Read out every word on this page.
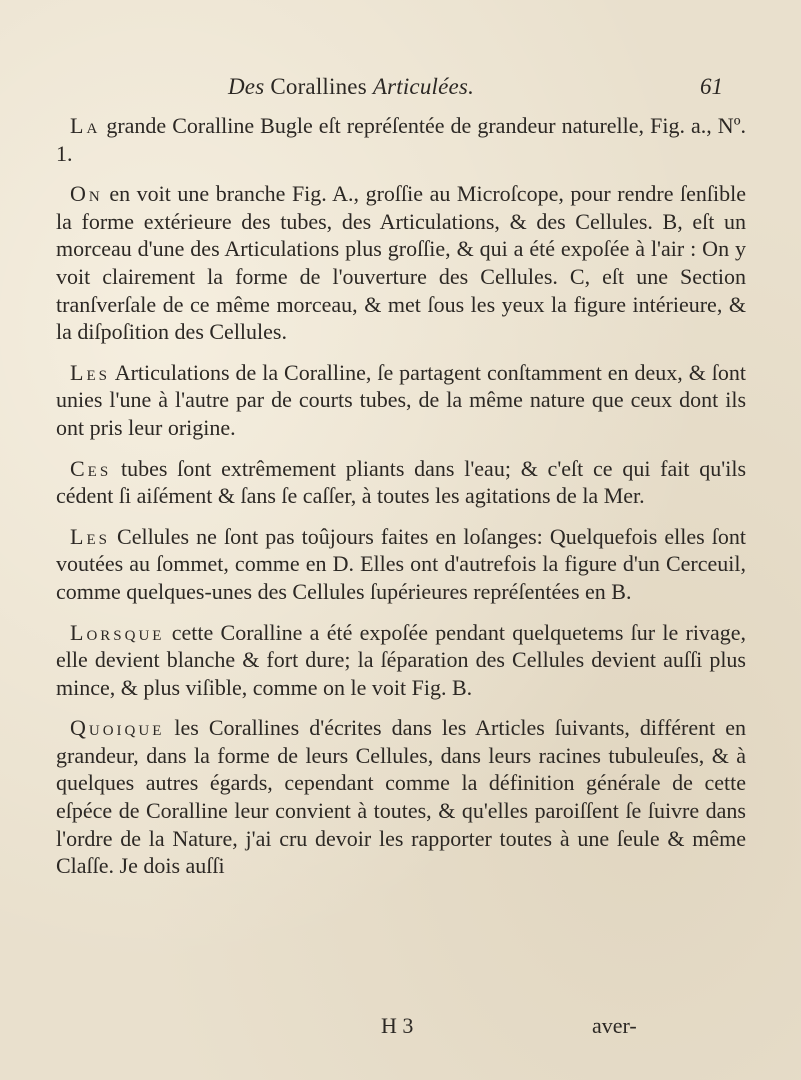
Des Corallines Articulées.	61

La grande Coralline Bugle eſt repréſentée de grandeur naturelle, Fig. a., Nº. 1.

On en voit une branche Fig. A., groſſie au Microſcope, pour rendre ſenſible la forme extérieure des tubes, des Articulations, & des Cellules. B, eſt un morceau d'une des Articulations plus groſſie, & qui a été expoſée à l'air : On y voit clairement la forme de l'ouverture des Cellules. C, eſt une Section tranſverſale de ce même morceau, & met ſous les yeux la figure intérieure, & la diſpoſition des Cellules.

Les Articulations de la Coralline, ſe partagent conſtamment en deux, & ſont unies l'une à l'autre par de courts tubes, de la même nature que ceux dont ils ont pris leur origine.

Ces tubes ſont extrêmement pliants dans l'eau; & c'eſt ce qui fait qu'ils cédent ſi aiſément & ſans ſe caſſer, à toutes les agitations de la Mer.

Les Cellules ne ſont pas toûjours faites en loſanges: Quelquefois elles ſont voutées au ſommet, comme en D. Elles ont d'autrefois la figure d'un Cerceuil, comme quelques-unes des Cellules ſupérieures repréſentées en B.

Lorsque cette Coralline a été expoſée pendant quelquetems ſur le rivage, elle devient blanche & fort dure; la ſéparation des Cellules devient auſſi plus mince, & plus viſible, comme on le voit Fig. B.

Quoique les Corallines d'écrites dans les Articles ſuivants, différent en grandeur, dans la forme de leurs Cellules, dans leurs racines tubuleuſes, & à quelques autres égards, cependant comme la définition générale de cette eſpéce de Coralline leur convient à toutes, & qu'elles paroiſſent ſe ſuivre dans l'ordre de la Nature, j'ai cru devoir les rapporter toutes à une ſeule & même Claſſe. Je dois auſſi

H 3	aver-
